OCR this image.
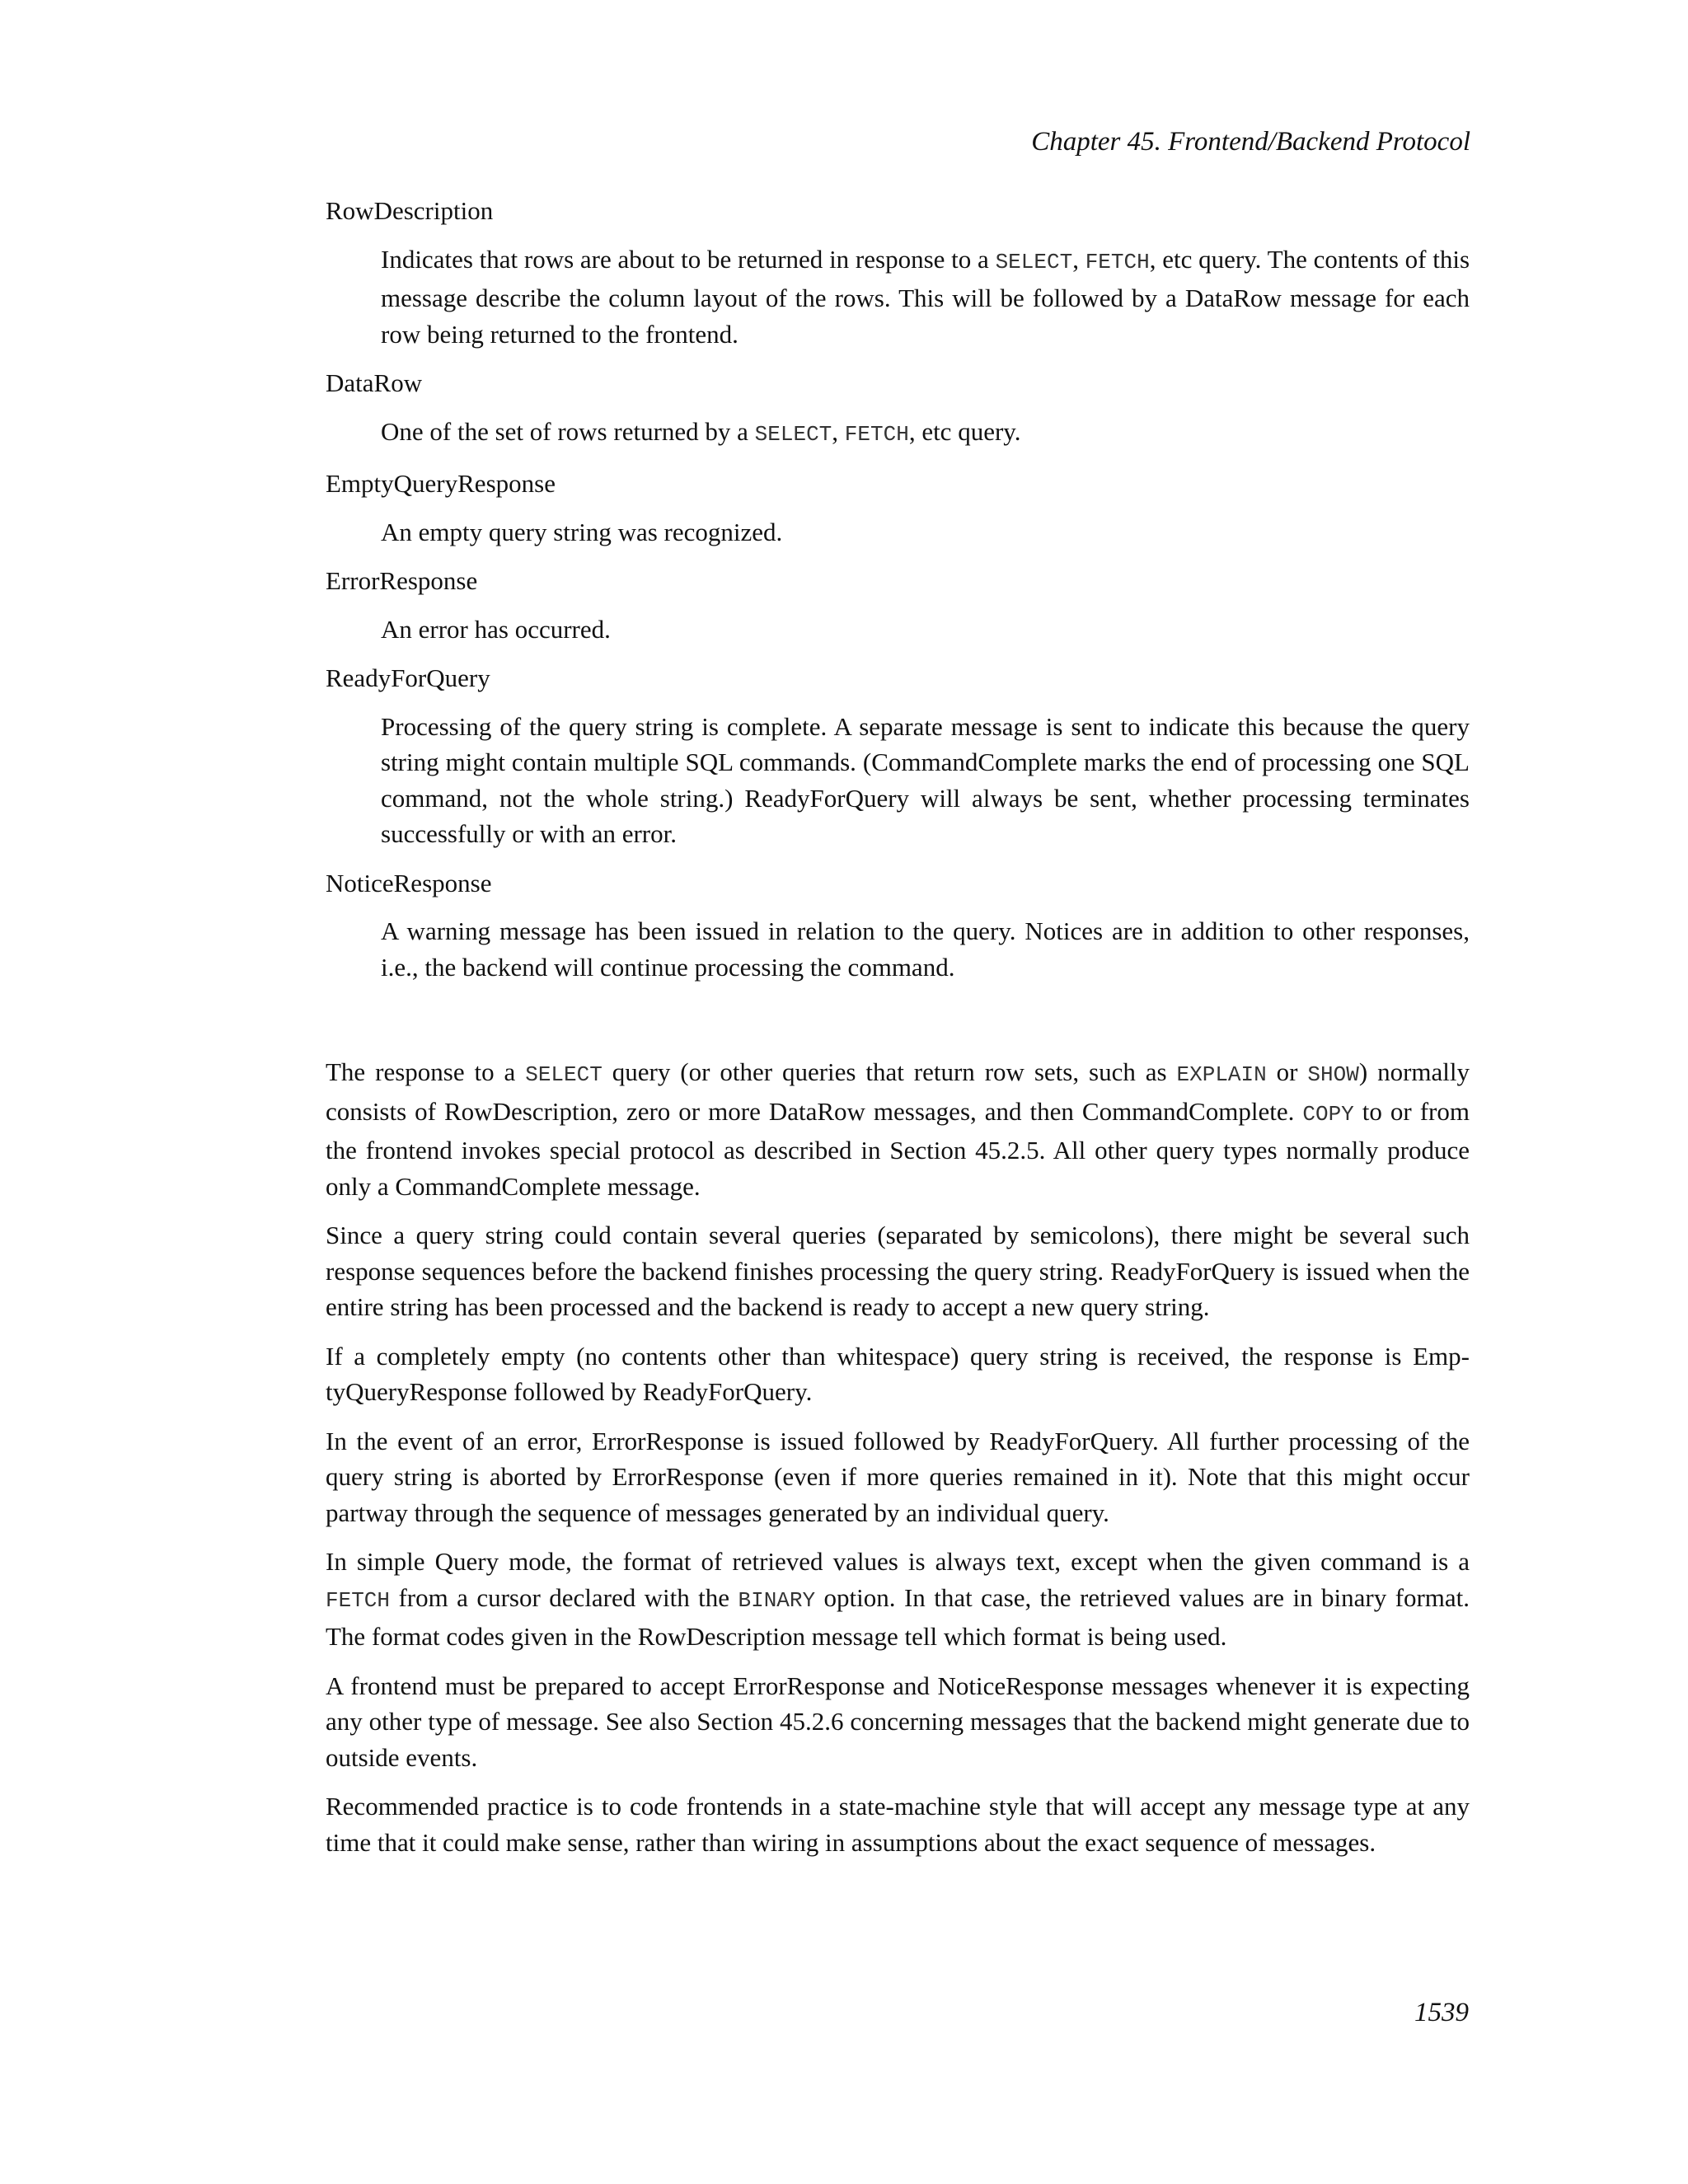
Chapter 45. Frontend/Backend Protocol
RowDescription

Indicates that rows are about to be returned in response to a SELECT, FETCH, etc query. The contents of this message describe the column layout of the rows. This will be followed by a DataRow message for each row being returned to the frontend.

DataRow

One of the set of rows returned by a SELECT, FETCH, etc query.

EmptyQueryResponse

An empty query string was recognized.

ErrorResponse

An error has occurred.

ReadyForQuery

Processing of the query string is complete. A separate message is sent to indicate this because the query string might contain multiple SQL commands. (CommandComplete marks the end of processing one SQL command, not the whole string.) ReadyForQuery will always be sent, whether processing terminates successfully or with an error.

NoticeResponse

A warning message has been issued in relation to the query. Notices are in addition to other responses, i.e., the backend will continue processing the command.

The response to a SELECT query (or other queries that return row sets, such as EXPLAIN or SHOW) normally consists of RowDescription, zero or more DataRow messages, and then CommandComplete. COPY to or from the frontend invokes special protocol as described in Section 45.2.5. All other query types normally produce only a CommandComplete message.

Since a query string could contain several queries (separated by semicolons), there might be several such response sequences before the backend finishes processing the query string. ReadyForQuery is issued when the entire string has been processed and the backend is ready to accept a new query string.

If a completely empty (no contents other than whitespace) query string is received, the response is EmptyQueryResponse followed by ReadyForQuery.

In the event of an error, ErrorResponse is issued followed by ReadyForQuery. All further processing of the query string is aborted by ErrorResponse (even if more queries remained in it). Note that this might occur partway through the sequence of messages generated by an individual query.

In simple Query mode, the format of retrieved values is always text, except when the given command is a FETCH from a cursor declared with the BINARY option. In that case, the retrieved values are in binary format. The format codes given in the RowDescription message tell which format is being used.

A frontend must be prepared to accept ErrorResponse and NoticeResponse messages whenever it is expecting any other type of message. See also Section 45.2.6 concerning messages that the backend might generate due to outside events.

Recommended practice is to code frontends in a state-machine style that will accept any message type at any time that it could make sense, rather than wiring in assumptions about the exact sequence of messages.

1539
